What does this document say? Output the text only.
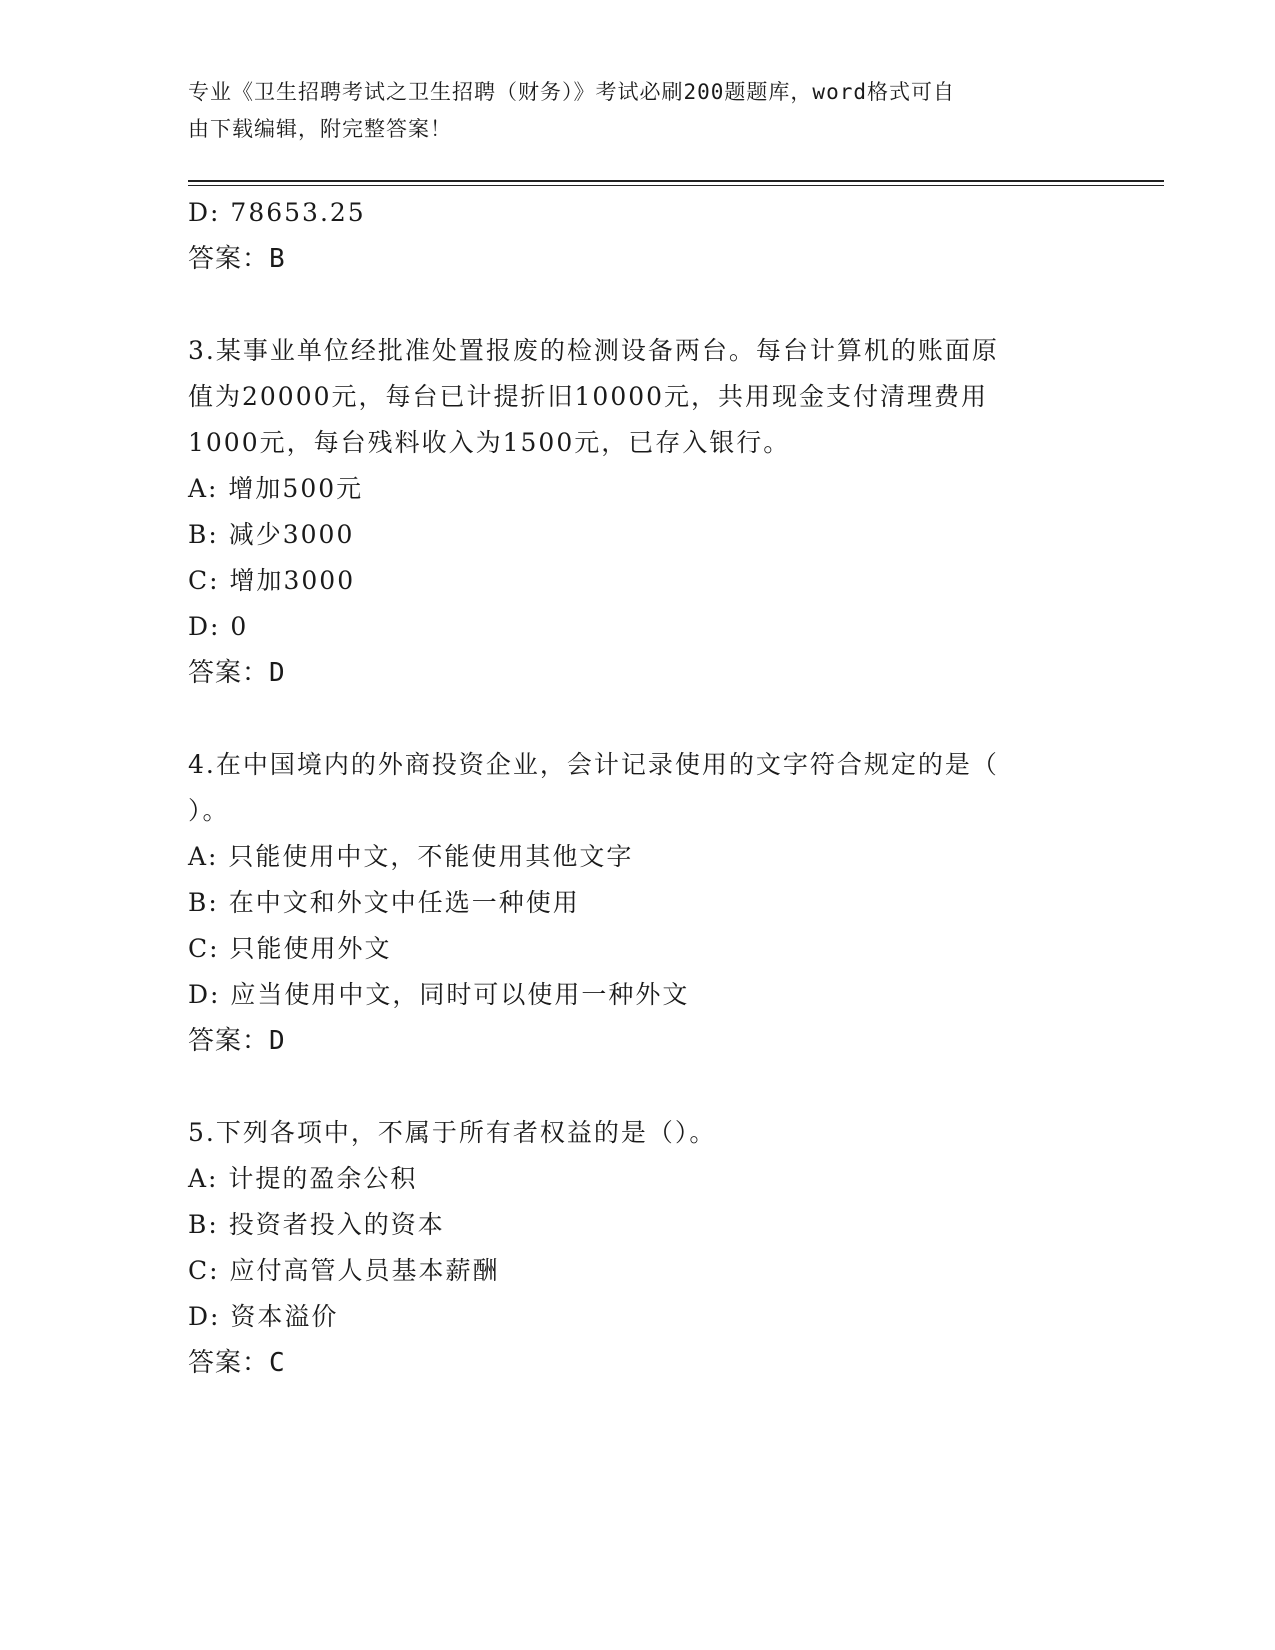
专业《卫生招聘考试之卫生招聘（财务）》考试必刷200题题库，word格式可自
由下载编辑，附完整答案！
D: 78653.25
答案：B
3.某事业单位经批准处置报废的检测设备两台。每台计算机的账面原
值为20000元，每台已计提折旧10000元，共用现金支付清理费用
1000元，每台残料收入为1500元，已存入银行。
A: 增加500元
B: 减少3000
C: 增加3000
D: 0
答案：D
4.在中国境内的外商投资企业，会计记录使用的文字符合规定的是（
）。
A: 只能使用中文，不能使用其他文字
B: 在中文和外文中任选一种使用
C: 只能使用外文
D: 应当使用中文，同时可以使用一种外文
答案：D
5.下列各项中，不属于所有者权益的是（）。
A: 计提的盈余公积
B: 投资者投入的资本
C: 应付高管人员基本薪酬
D: 资本溢价
答案：C
